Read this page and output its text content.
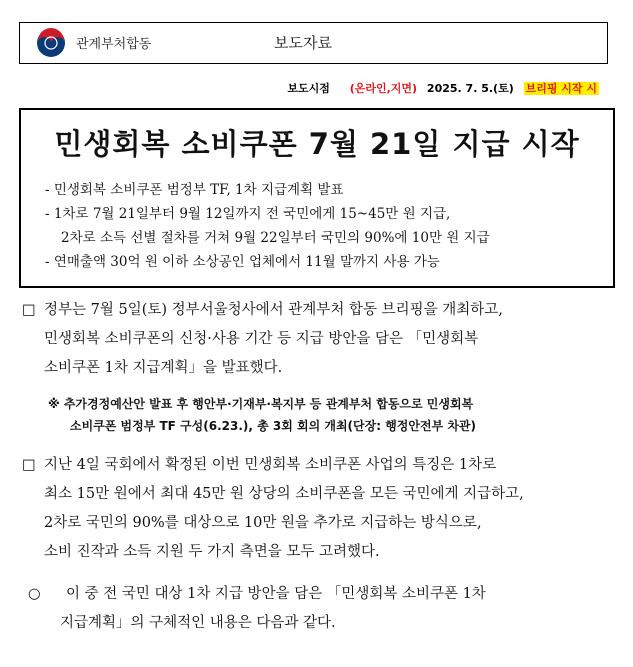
관계부처합동	보도자료
보도시점 (온라인,지면) 2025. 7. 5.(토) 브리핑 시작 시
민생회복 소비쿠폰 7월 21일 지급 시작
- 민생회복 소비쿠폰 범정부 TF, 1차 지급계획 발표
- 1차로 7월 21일부터 9월 12일까지 전 국민에게 15~45만 원 지급,
2차로 소득 선별 절차를 거쳐 9월 22일부터 국민의 90%에 10만 원 지급
- 연매출액 30억 원 이하 소상공인 업체에서 11월 말까지 사용 가능
□ 정부는 7월 5일(토) 정부서울청사에서 관계부처 합동 브리핑을 개최하고,
민생회복 소비쿠폰의 신청·사용 기간 등 지급 방안을 담은 「민생회복
소비쿠폰 1차 지급계획」을 발표했다.
※ 추가경정예산안 발표 후 행안부·기재부·복지부 등 관계부처 합동으로 민생회복
소비쿠폰 범정부 TF 구성(6.23.), 총 3회 회의 개최(단장: 행정안전부 차관)
□ 지난 4일 국회에서 확정된 이번 민생회복 소비쿠폰 사업의 특징은 1차로
최소 15만 원에서 최대 45만 원 상당의 소비쿠폰을 모든 국민에게 지급하고,
2차로 국민의 90%를 대상으로 10만 원을 추가로 지급하는 방식으로,
소비 진작과 소득 지원 두 가지 측면을 모두 고려했다.
○ 이 중 전 국민 대상 1차 지급 방안을 담은 「민생회복 소비쿠폰 1차
지급계획」의 구체적인 내용은 다음과 같다.
